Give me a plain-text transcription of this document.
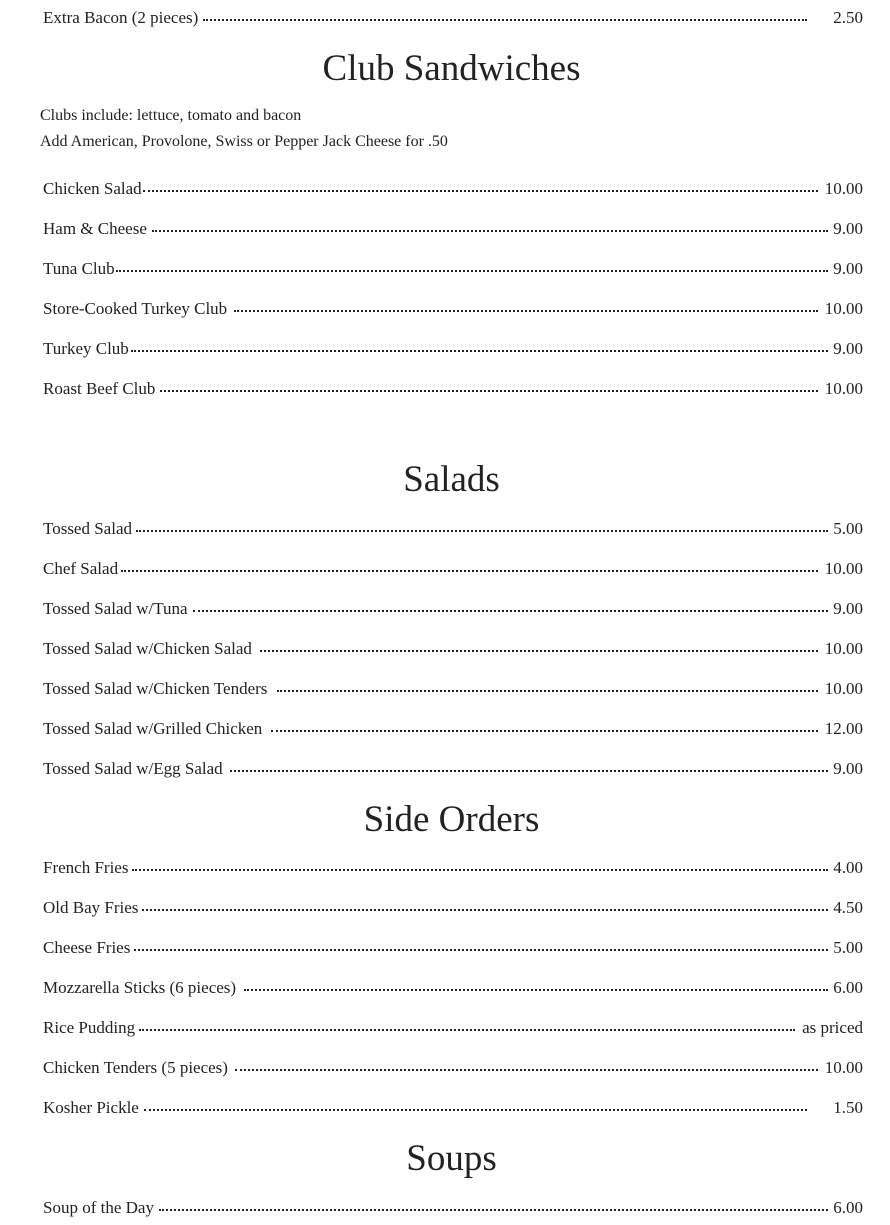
Extra Bacon (2 pieces)	2.50
Club Sandwiches
Clubs include: lettuce, tomato and bacon
Add American, Provolone, Swiss or Pepper Jack Cheese for .50
Chicken Salad	10.00
Ham & Cheese	9.00
Tuna Club	9.00
Store-Cooked Turkey Club	10.00
Turkey Club	9.00
Roast Beef Club	10.00
Salads
Tossed Salad	5.00
Chef Salad	10.00
Tossed Salad w/Tuna	9.00
Tossed Salad w/Chicken Salad	10.00
Tossed Salad w/Chicken Tenders	10.00
Tossed Salad w/Grilled Chicken	12.00
Tossed Salad w/Egg Salad	9.00
Side Orders
French Fries	4.00
Old Bay Fries	4.50
Cheese Fries	5.00
Mozzarella Sticks (6 pieces)	6.00
Rice Pudding	as priced
Chicken Tenders (5 pieces)	10.00
Kosher Pickle	1.50
Soups
Soup of the Day	6.00
